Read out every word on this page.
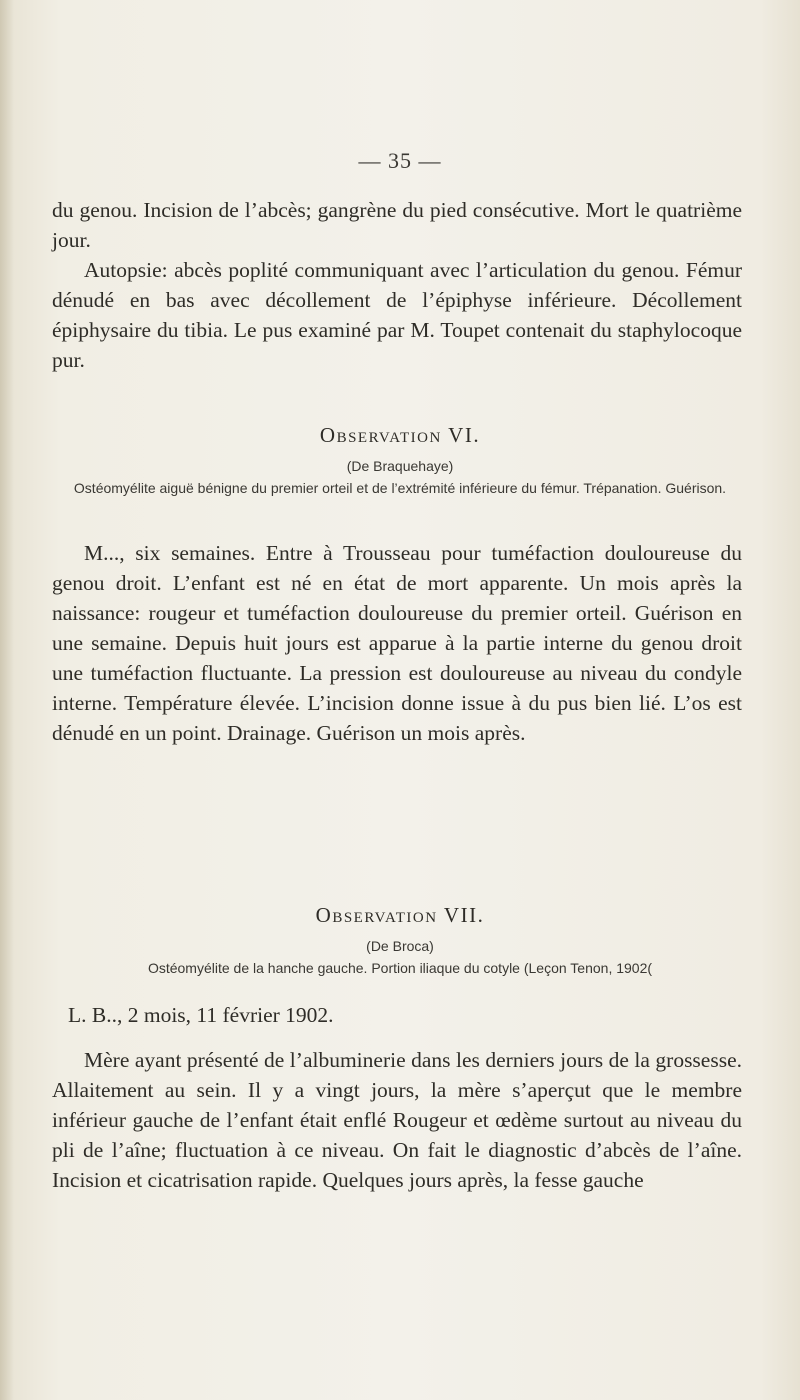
— 35 —

du genou. Incision de l’abcès; gangrène du pied consécutive. Mort le quatrième jour.

Autopsie: abcès poplité communiquant avec l’articulation du genou. Fémur dénudé en bas avec décollement de l’épiphyse inférieure. Décollement épiphysaire du tibia. Le pus examiné par M. Toupet contenait du staphylocoque pur.

Observation VI.
(De Braquehaye)
Ostéomyélite aiguë bénigne du premier orteil et de l’extrémité inférieure du fémur. Trépanation. Guérison.

M..., six semaines. Entre à Trousseau pour tuméfaction douloureuse du genou droit. L’enfant est né en état de mort apparente. Un mois après la naissance: rougeur et tuméfaction douloureuse du premier orteil. Guérison en une semaine. Depuis huit jours est apparue à la partie interne du genou droit une tuméfaction fluctuante. La pression est douloureuse au niveau du condyle interne. Température élevée. L’incision donne issue à du pus bien lié. L’os est dénudé en un point. Drainage. Guérison un mois après.

Observation VII.
(De Broca)
Ostéomyélite de la hanche gauche. Portion iliaque du cotyle (Leçon Tenon, 1902(

L. B.., 2 mois, 11 février 1902.

Mère ayant présenté de l’albuminerie dans les derniers jours de la grossesse. Allaitement au sein. Il y a vingt jours, la mère s’aperçut que le membre inférieur gauche de l’enfant était enflé Rougeur et œdème surtout au niveau du pli de l’aîne; fluctuation à ce niveau. On fait le diagnostic d’abcès de l’aîne. Incision et cicatrisation rapide. Quelques jours après, la fesse gauche
